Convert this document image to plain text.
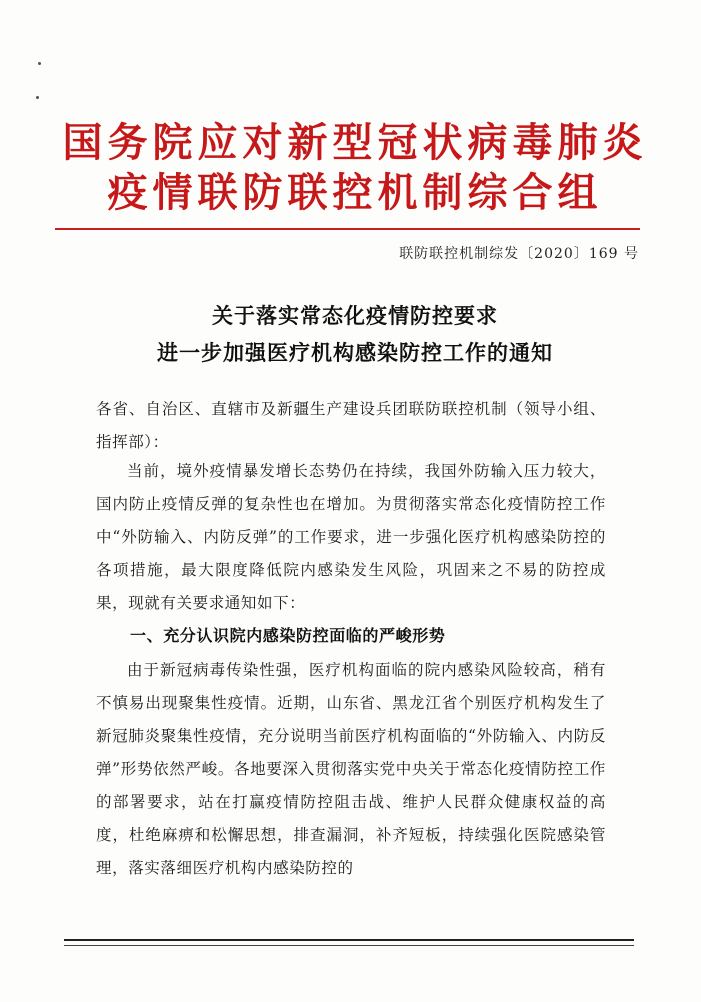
国务院应对新型冠状病毒肺炎
疫情联防联控机制综合组
联防联控机制综发〔2020〕169 号
关于落实常态化疫情防控要求
进一步加强医疗机构感染防控工作的通知
各省、自治区、直辖市及新疆生产建设兵团联防联控机制（领导小组、指挥部）：
当前，境外疫情暴发增长态势仍在持续，我国外防输入压力较大，国内防止疫情反弹的复杂性也在增加。为贯彻落实常态化疫情防控工作中“外防输入、内防反弹”的工作要求，进一步强化医疗机构感染防控的各项措施，最大限度降低院内感染发生风险，巩固来之不易的防控成果，现就有关要求通知如下：
一、充分认识院内感染防控面临的严峻形势
由于新冠病毒传染性强，医疗机构面临的院内感染风险较高，稍有不慎易出现聚集性疫情。近期，山东省、黑龙江省个别医疗机构发生了新冠肺炎聚集性疫情，充分说明当前医疗机构面临的“外防输入、内防反弹”形势依然严峻。各地要深入贯彻落实党中央关于常态化疫情防控工作的部署要求，站在打赢疫情防控阻击战、维护人民群众健康权益的高度，杜绝麻痹和松懈思想，排查漏洞，补齐短板，持续强化医院感染管理，落实落细医疗机构内感染防控的
